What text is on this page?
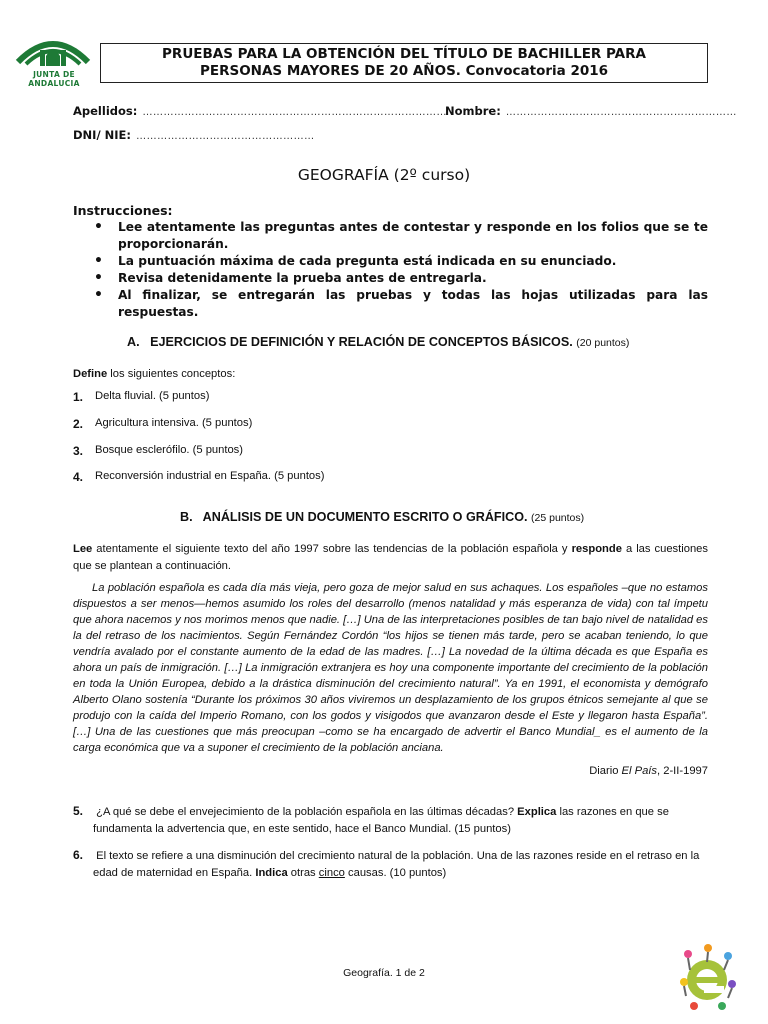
JUNTA DE ANDALUCIA
PRUEBAS PARA LA OBTENCIÓN DEL TÍTULO DE BACHILLER PARA
PERSONAS MAYORES DE 20 AÑOS. Convocatoria 2016
Apellidos: ……………………………………………………………………………
Nombre: …………………………………………………………
DNI/ NIE: ……………………………………………
GEOGRAFÍA (2º curso)
Instrucciones:
•	Lee atentamente las preguntas antes de contestar y responde en los folios que se te proporcionarán.
•	La puntuación máxima de cada pregunta está indicada en su enunciado.
•	Revisa detenidamente la prueba antes de entregarla.
•	Al finalizar, se entregarán las pruebas y todas las hojas utilizadas para las respuestas.
A. EJERCICIOS DE DEFINICIÓN Y RELACIÓN DE CONCEPTOS BÁSICOS. (20 puntos)
Define los siguientes conceptos:
1.	Delta fluvial. (5 puntos)
2.	Agricultura intensiva. (5 puntos)
3.	Bosque esclerófilo. (5 puntos)
4.	Reconversión industrial en España. (5 puntos)
B. ANÁLISIS DE UN DOCUMENTO ESCRITO O GRÁFICO. (25 puntos)
Lee atentamente el siguiente texto del año 1997 sobre las tendencias de la población española y responde a las cuestiones que se plantean a continuación.
La población española es cada día más vieja, pero goza de mejor salud en sus achaques. Los españoles –que no estamos dispuestos a ser menos—hemos asumido los roles del desarrollo (menos natalidad y más esperanza de vida) con tal ímpetu que ahora nacemos y nos morimos menos que nadie. […] Una de las interpretaciones posibles de tan bajo nivel de natalidad es la del retraso de los nacimientos. Según Fernández Cordón “los hijos se tienen más tarde, pero se acaban teniendo, lo que vendría avalado por el constante aumento de la edad de las madres. […] La novedad de la última década es que España es ahora un país de inmigración. […] La inmigración extranjera es hoy una componente importante del crecimiento de la población en toda la Unión Europea, debido a la drástica disminución del crecimiento natural”. Ya en 1991, el economista y demógrafo Alberto Olano sostenía “Durante los próximos 30 años viviremos un desplazamiento de los grupos étnicos semejante al que se produjo con la caída del Imperio Romano, con los godos y visigodos que avanzaron desde el Este y llegaron hasta España”. […] Una de las cuestiones que más preocupan –como se ha encargado de advertir el Banco Mundial_ es el aumento de la carga económica que va a suponer el crecimiento de la población anciana.
Diario El País, 2-II-1997
5. ¿A qué se debe el envejecimiento de la población española en las últimas décadas? Explica las razones en que se fundamenta la advertencia que, en este sentido, hace el Banco Mundial. (15 puntos)
6. El texto se refiere a una disminución del crecimiento natural de la población. Una de las razones reside en el retraso en la edad de maternidad en España. Indica otras cinco causas. (10 puntos)
Geografía. 1 de 2
